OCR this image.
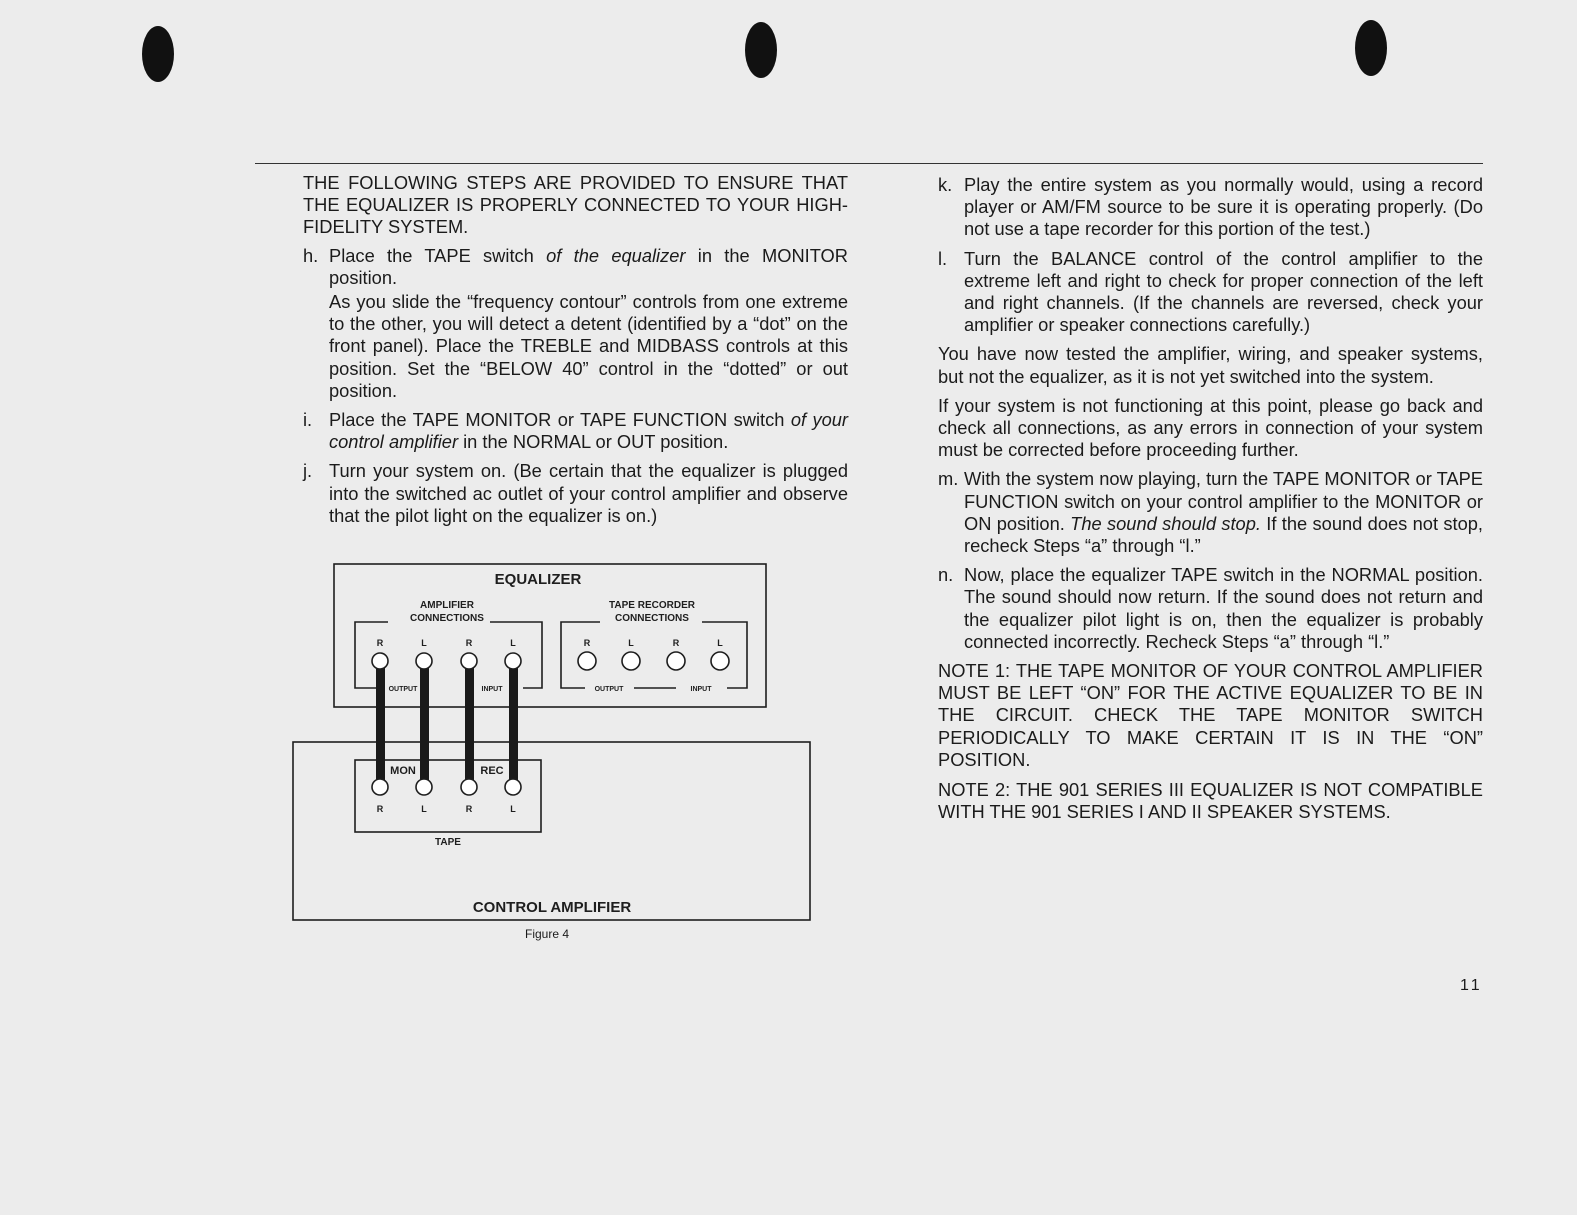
THE FOLLOWING STEPS ARE PROVIDED TO ENSURE THAT THE EQUALIZER IS PROPERLY CONNECTED TO YOUR HIGH-FIDELITY SYSTEM.

h. Place the TAPE switch of the equalizer in the MONITOR position.

As you slide the “frequency contour” controls from one extreme to the other, you will detect a detent (identified by a “dot” on the front panel). Place the TREBLE and MIDBASS controls at this position. Set the “BELOW 40” control in the “dotted” or out position.

i. Place the TAPE MONITOR or TAPE FUNCTION switch of your control amplifier in the NORMAL or OUT position.

j. Turn your system on. (Be certain that the equalizer is plugged into the switched ac outlet of your control amplifier and observe that the pilot light on the equalizer is on.)

EQUALIZER
AMPLIFIER
CONNECTIONS
TAPE RECORDER
CONNECTIONS
R	L	R	L	R	L	R	L
OUTPUT	INPUT	OUTPUT	INPUT
MON	REC
R	L	R	L
TAPE
CONTROL AMPLIFIER
Figure 4
k. Play the entire system as you normally would, using a record player or AM/FM source to be sure it is operating properly. (Do not use a tape recorder for this portion of the test.)

l. Turn the BALANCE control of the control amplifier to the extreme left and right to check for proper connection of the left and right channels. (If the channels are reversed, check your amplifier or speaker connections carefully.)

You have now tested the amplifier, wiring, and speaker systems, but not the equalizer, as it is not yet switched into the system.

If your system is not functioning at this point, please go back and check all connections, as any errors in connection of your system must be corrected before proceeding further.

m. With the system now playing, turn the TAPE MONITOR or TAPE FUNCTION switch on your control amplifier to the MONITOR or ON position. The sound should stop. If the sound does not stop, recheck Steps “a” through “l.”

n. Now, place the equalizer TAPE switch in the NORMAL position. The sound should now return. If the sound does not return and the equalizer pilot light is on, then the equalizer is probably connected incorrectly. Recheck Steps “a” through “l.”

NOTE 1: THE TAPE MONITOR OF YOUR CONTROL AMPLIFIER MUST BE LEFT “ON” FOR THE ACTIVE EQUALIZER TO BE IN THE CIRCUIT. CHECK THE TAPE MONITOR SWITCH PERIODICALLY TO MAKE CERTAIN IT IS IN THE “ON” POSITION.

NOTE 2: THE 901 SERIES III EQUALIZER IS NOT COMPATIBLE WITH THE 901 SERIES I AND II SPEAKER SYSTEMS.

11
